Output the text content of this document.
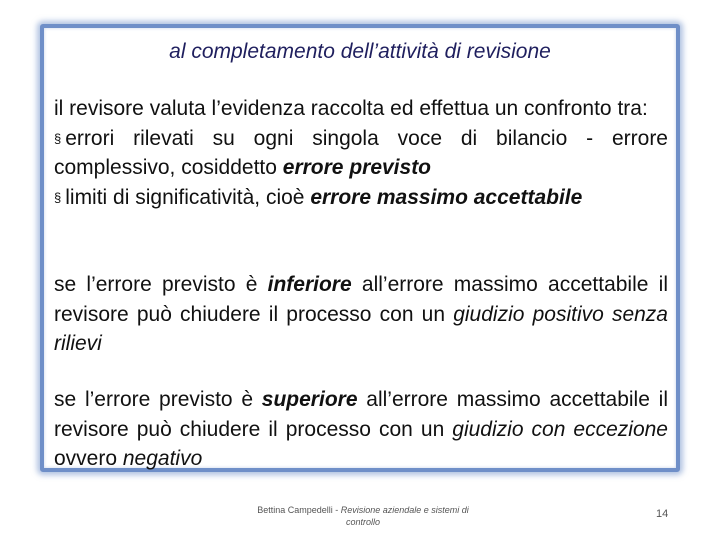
al completamento dell’attività di revisione

il revisore valuta l’evidenza raccolta ed effettua un confronto tra:
§ errori rilevati su ogni singola voce di bilancio - errore complessivo, cosiddetto errore previsto
§ limiti di significatività, cioè errore massimo accettabile

se l’errore previsto è inferiore all’errore massimo accettabile il revisore può chiudere il processo con un giudizio positivo senza rilievi

se l’errore previsto è superiore all’errore massimo accettabile il revisore può chiudere il processo con un giudizio con eccezione ovvero negativo

Bettina Campedelli - Revisione aziendale e sistemi di controllo
14
